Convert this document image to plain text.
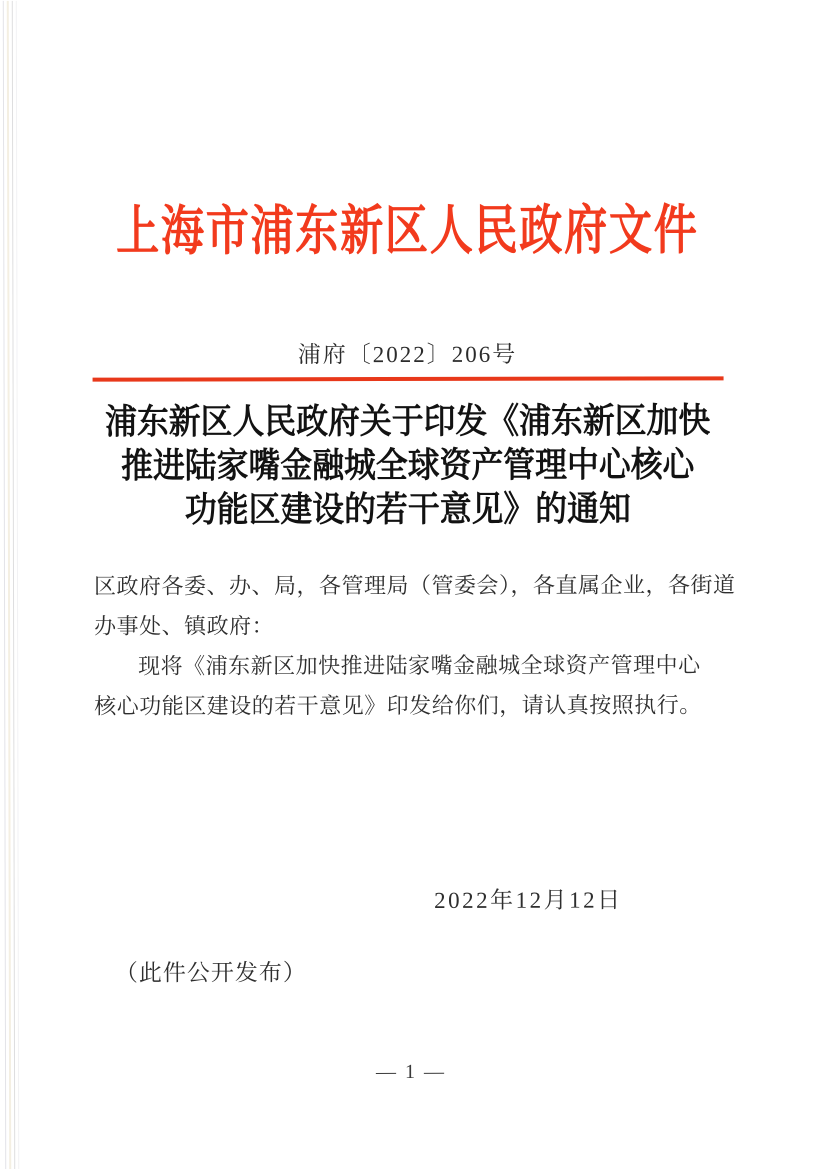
上海市浦东新区人民政府文件
浦府〔2022〕206号
浦东新区人民政府关于印发《浦东新区加快
推进陆家嘴金融城全球资产管理中心核心
功能区建设的若干意见》的通知
区政府各委、办、局，各管理局（管委会），各直属企业，各街道
办事处、镇政府：
现将《浦东新区加快推进陆家嘴金融城全球资产管理中心
核心功能区建设的若干意见》印发给你们，请认真按照执行。
2022年12月12日
（此件公开发布）
— 1 —
